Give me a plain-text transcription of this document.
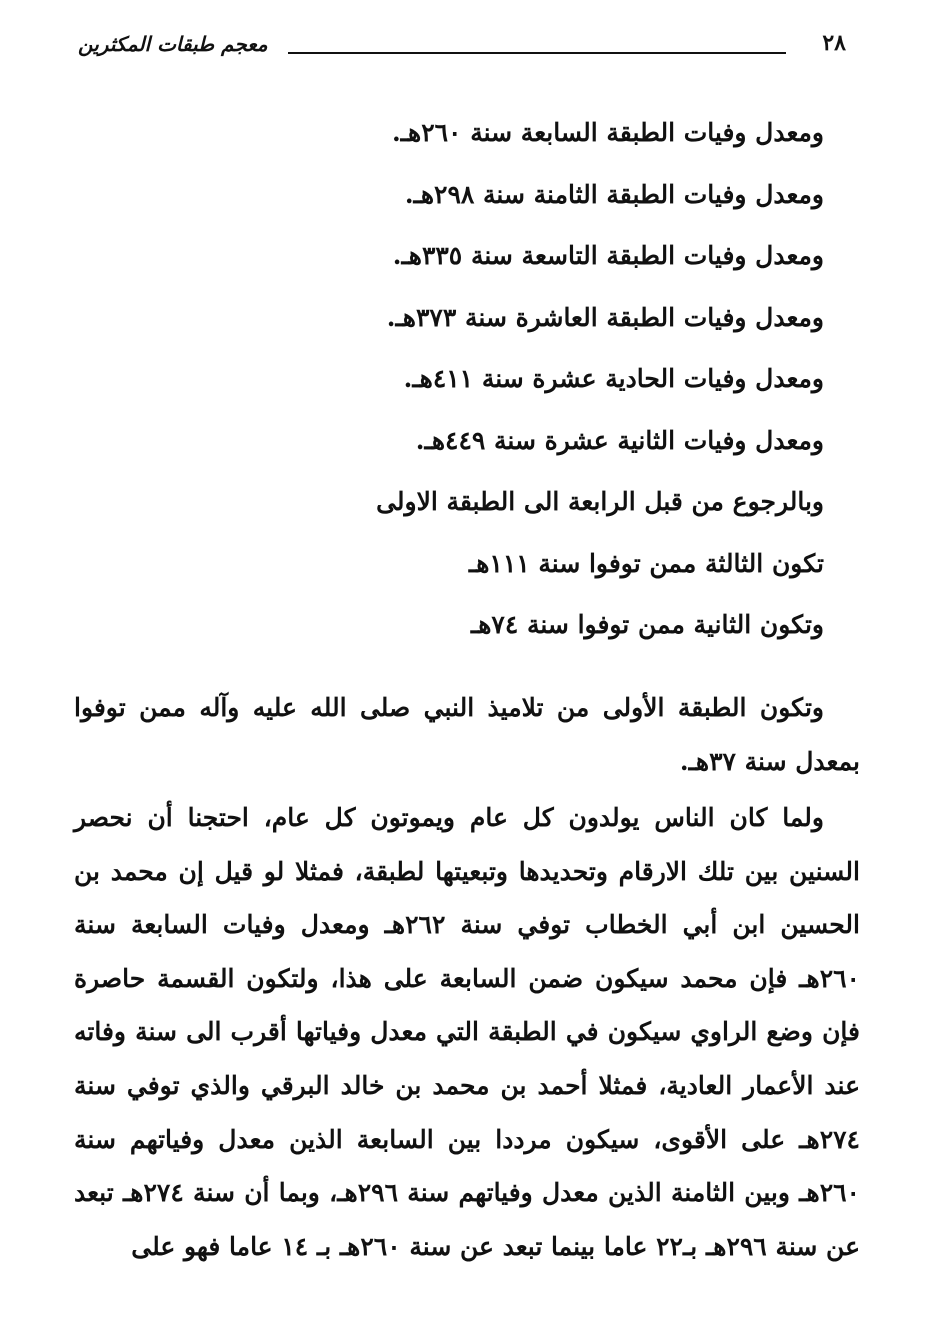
معجم طبقات المكثرين	٢٨
ومعدل وفيات الطبقة السابعة سنة ٢٦٠هـ.
ومعدل وفيات الطبقة الثامنة سنة ٢٩٨هـ.
ومعدل وفيات الطبقة التاسعة سنة ٣٣٥هـ.
ومعدل وفيات الطبقة العاشرة سنة ٣٧٣هـ.
ومعدل وفيات الحادية عشرة سنة ٤١١هـ.
ومعدل وفيات الثانية عشرة سنة ٤٤٩هـ.
وبالرجوع من قبل الرابعة الى الطبقة الاولى
تكون الثالثة ممن توفوا سنة ١١١هـ
وتكون الثانية ممن توفوا سنة ٧٤هـ

وتكون الطبقة الأولى من تلاميذ النبي صلى الله عليه وآله ممن توفوا بمعدل سنة ٣٧هـ.

ولما كان الناس يولدون كل عام ويموتون كل عام، احتجنا أن نحصر السنين بين تلك الارقام وتحديدها وتبعيتها لطبقة، فمثلا لو قيل إن محمد بن الحسين ابن أبي الخطاب توفي سنة ٢٦٢هـ ومعدل وفيات السابعة سنة ٢٦٠هـ فإن محمد سيكون ضمن السابعة على هذا، ولتكون القسمة حاصرة فإن وضع الراوي سيكون في الطبقة التي معدل وفياتها أقرب الى سنة وفاته عند الأعمار العادية، فمثلا أحمد بن محمد بن خالد البرقي والذي توفي سنة ٢٧٤هـ على الأقوى، سيكون مرددا بين السابعة الذين معدل وفياتهم سنة ٢٦٠هـ وبين الثامنة الذين معدل وفياتهم سنة ٢٩٦هـ، وبما أن سنة ٢٧٤هـ تبعد عن سنة ٢٩٦هـ بـ٢٢ عاما بينما تبعد عن سنة ٢٦٠هـ بـ ١٤ عاما فهو على
